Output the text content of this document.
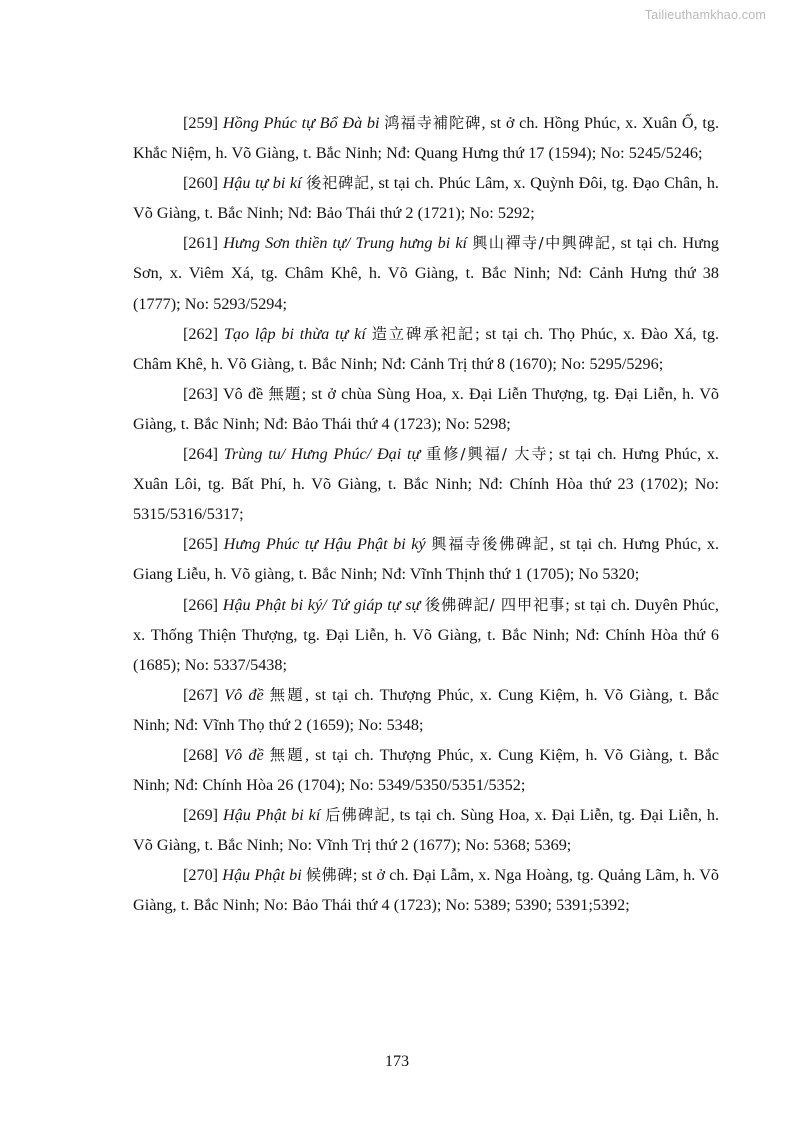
Tailieuthamkhao.com

[259] Hồng Phúc tự Bổ Đà bi 鸿福寺補陀碑, st ở ch. Hồng Phúc, x. Xuân Ố, tg. Khắc Niệm, h. Võ Giàng, t. Bắc Ninh; Nđ: Quang Hưng thứ 17 (1594); No: 5245/5246;

[260] Hậu tự bi kí 後祀碑記, st tại ch. Phúc Lâm, x. Quỳnh Đôi, tg. Đạo Chân, h. Võ Giàng, t. Bắc Ninh; Nđ: Bảo Thái thứ 2 (1721); No: 5292;

[261] Hưng Sơn thiền tự/ Trung hưng bi kí 興山禪寺/中興碑記, st tại ch. Hưng Sơn, x. Viêm Xá, tg. Châm Khê, h. Võ Giàng, t. Bắc Ninh; Nđ: Cảnh Hưng thứ 38 (1777); No: 5293/5294;

[262] Tạo lập bi thừa tự kí 造立碑承祀記; st tại ch. Thọ Phúc, x. Đào Xá, tg. Châm Khê, h. Võ Giàng, t. Bắc Ninh; Nđ: Cảnh Trị thứ 8 (1670); No: 5295/5296;

[263] Vô đề 無題; st ở chùa Sùng Hoa, x. Đại Liễn Thượng, tg. Đại Liễn, h. Võ Giàng, t. Bắc Ninh; Nđ: Bảo Thái thứ 4 (1723); No: 5298;

[264] Trùng tu/ Hưng Phúc/ Đại tự 重修/興福/ 大寺; st tại ch. Hưng Phúc, x. Xuân Lôi, tg. Bất Phí, h. Võ Giàng, t. Bắc Ninh; Nđ: Chính Hòa thứ 23 (1702); No: 5315/5316/5317;

[265] Hưng Phúc tự Hậu Phật bi ký 興福寺後佛碑記, st tại ch. Hưng Phúc, x. Giang Liễu, h. Võ giàng, t. Bắc Ninh; Nđ: Vĩnh Thịnh thứ 1 (1705); No 5320;

[266] Hậu Phật bi ký/ Tứ giáp tự sự 後佛碑記/ 四甲祀事; st tại ch. Duyên Phúc, x. Thống Thiện Thượng, tg. Đại Liễn, h. Võ Giàng, t. Bắc Ninh; Nđ: Chính Hòa thứ 6 (1685); No: 5337/5438;

[267] Vô đề 無題, st tại ch. Thượng Phúc, x. Cung Kiệm, h. Võ Giàng, t. Bắc Ninh; Nđ: Vĩnh Thọ thứ 2 (1659); No: 5348;

[268] Vô đề 無題, st tại ch. Thượng Phúc, x. Cung Kiệm, h. Võ Giàng, t. Bắc Ninh; Nđ: Chính Hòa 26 (1704); No: 5349/5350/5351/5352;

[269] Hậu Phật bi kí 后佛碑記, ts tại ch. Sùng Hoa, x. Đại Liễn, tg. Đại Liễn, h. Võ Giàng, t. Bắc Ninh; No: Vĩnh Trị thứ 2 (1677); No: 5368; 5369;

[270] Hậu Phật bi 候佛碑; st ở ch. Đại Lẫm, x. Nga Hoàng, tg. Quảng Lãm, h. Võ Giàng, t. Bắc Ninh; No: Bảo Thái thứ 4 (1723); No: 5389; 5390; 5391;5392;

173
